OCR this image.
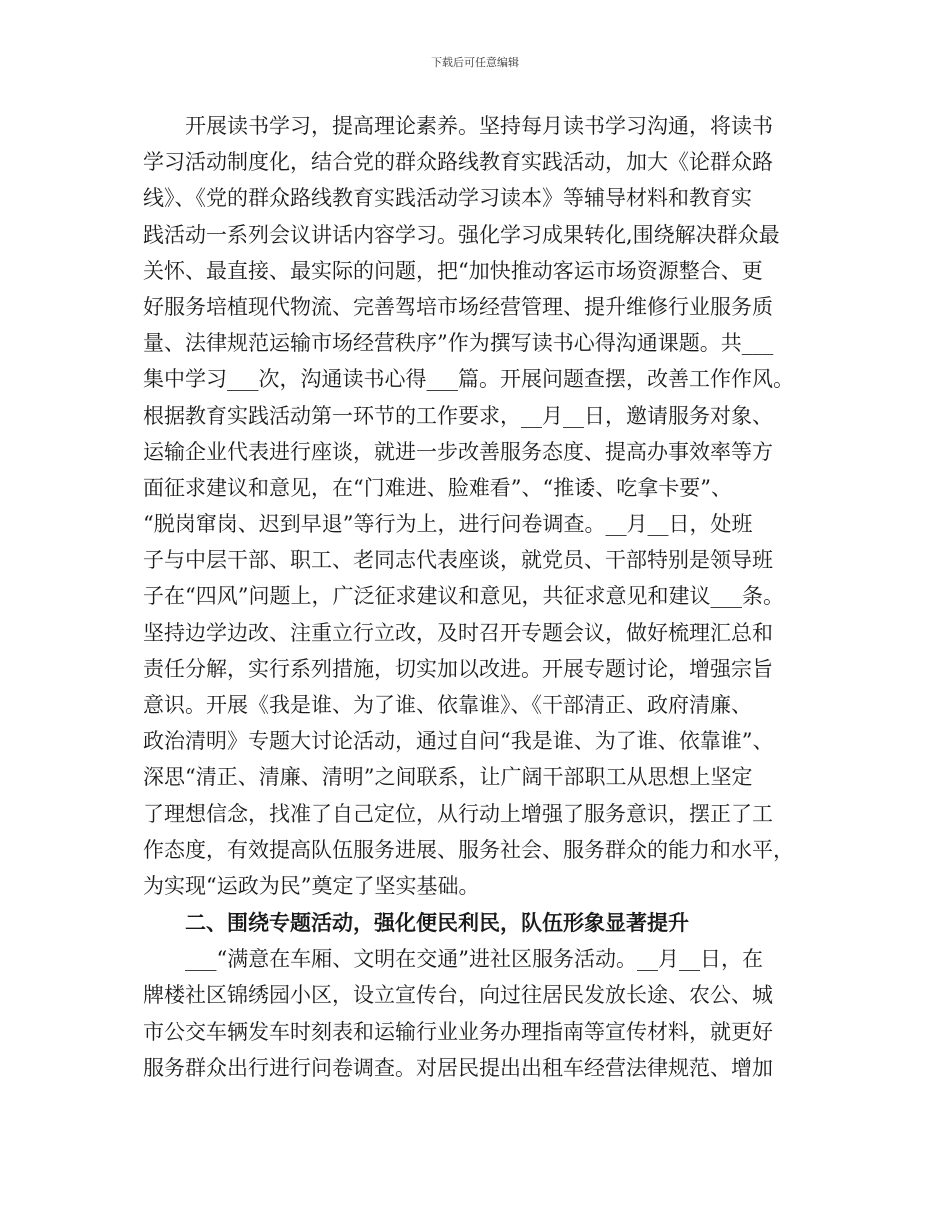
下载后可任意编辑
开展读书学习，提高理论素养。坚持每月读书学习沟通，将读书
学习活动制度化，结合党的群众路线教育实践活动，加大《论群众路
线》、《党的群众路线教育实践活动学习读本》等辅导材料和教育实
践活动一系列会议讲话内容学习。强化学习成果转化,围绕解决群众最
关怀、最直接、最实际的问题，把“加快推动客运市场资源整合、更
好服务培植现代物流、完善驾培市场经营管理、提升维修行业服务质
量、法律规范运输市场经营秩序”作为撰写读书心得沟通课题。共___
集中学习___次，沟通读书心得___篇。开展问题查摆，改善工作作风。
根据教育实践活动第一环节的工作要求，__月__日，邀请服务对象、
运输企业代表进行座谈，就进一步改善服务态度、提高办事效率等方
面征求建议和意见，在“门难进、脸难看”、“推诿、吃拿卡要”、
“脱岗窜岗、迟到早退”等行为上，进行问卷调查。__月__日，处班
子与中层干部、职工、老同志代表座谈，就党员、干部特别是领导班
子在“四风”问题上，广泛征求建议和意见，共征求意见和建议___条。
坚持边学边改、注重立行立改，及时召开专题会议，做好梳理汇总和
责任分解，实行系列措施，切实加以改进。开展专题讨论，增强宗旨
意识。开展《我是谁、为了谁、依靠谁》、《干部清正、政府清廉、
政治清明》专题大讨论活动，通过自问“我是谁、为了谁、依靠谁”、
深思“清正、清廉、清明”之间联系，让广阔干部职工从思想上坚定
了理想信念，找准了自己定位，从行动上增强了服务意识，摆正了工
作态度，有效提高队伍服务进展、服务社会、服务群众的能力和水平，
为实现“运政为民”奠定了坚实基础。
二、围绕专题活动，强化便民利民，队伍形象显著提升
___“满意在车厢、文明在交通”进社区服务活动。__月__日，在
牌楼社区锦绣园小区，设立宣传台，向过往居民发放长途、农公、城
市公交车辆发车时刻表和运输行业业务办理指南等宣传材料，就更好
服务群众出行进行问卷调查。对居民提出出租车经营法律规范、增加
